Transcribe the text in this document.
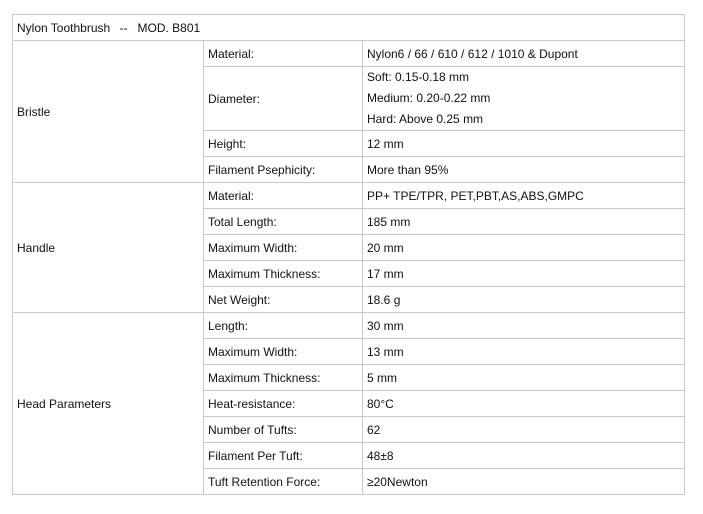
Nylon Toothbrush -- MOD. B801		
Bristle	Material:	Nylon6 / 66 / 610 / 612 / 1010 & Dupont
	Diameter:	Soft: 0.15-0.18 mm
Medium: 0.20-0.22 mm
Hard: Above 0.25 mm

	Height:	12 mm
	Filament Psephicity:	More than 95%
Handle	Material:	PP+ TPE/TPR, PET,PBT,AS,ABS,GMPC
	Total Length:	185 mm
	Maximum Width:	20 mm
	Maximum Thickness:	17 mm
	Net Weight:	18.6 g
Head Parameters	Length:	30 mm
	Maximum Width:	13 mm
	Maximum Thickness:	5 mm
	Heat-resistance:	80°C
	Number of Tufts:	62
	Filament Per Tuft:	48±8
	Tuft Retention Force:	≥20Newton
